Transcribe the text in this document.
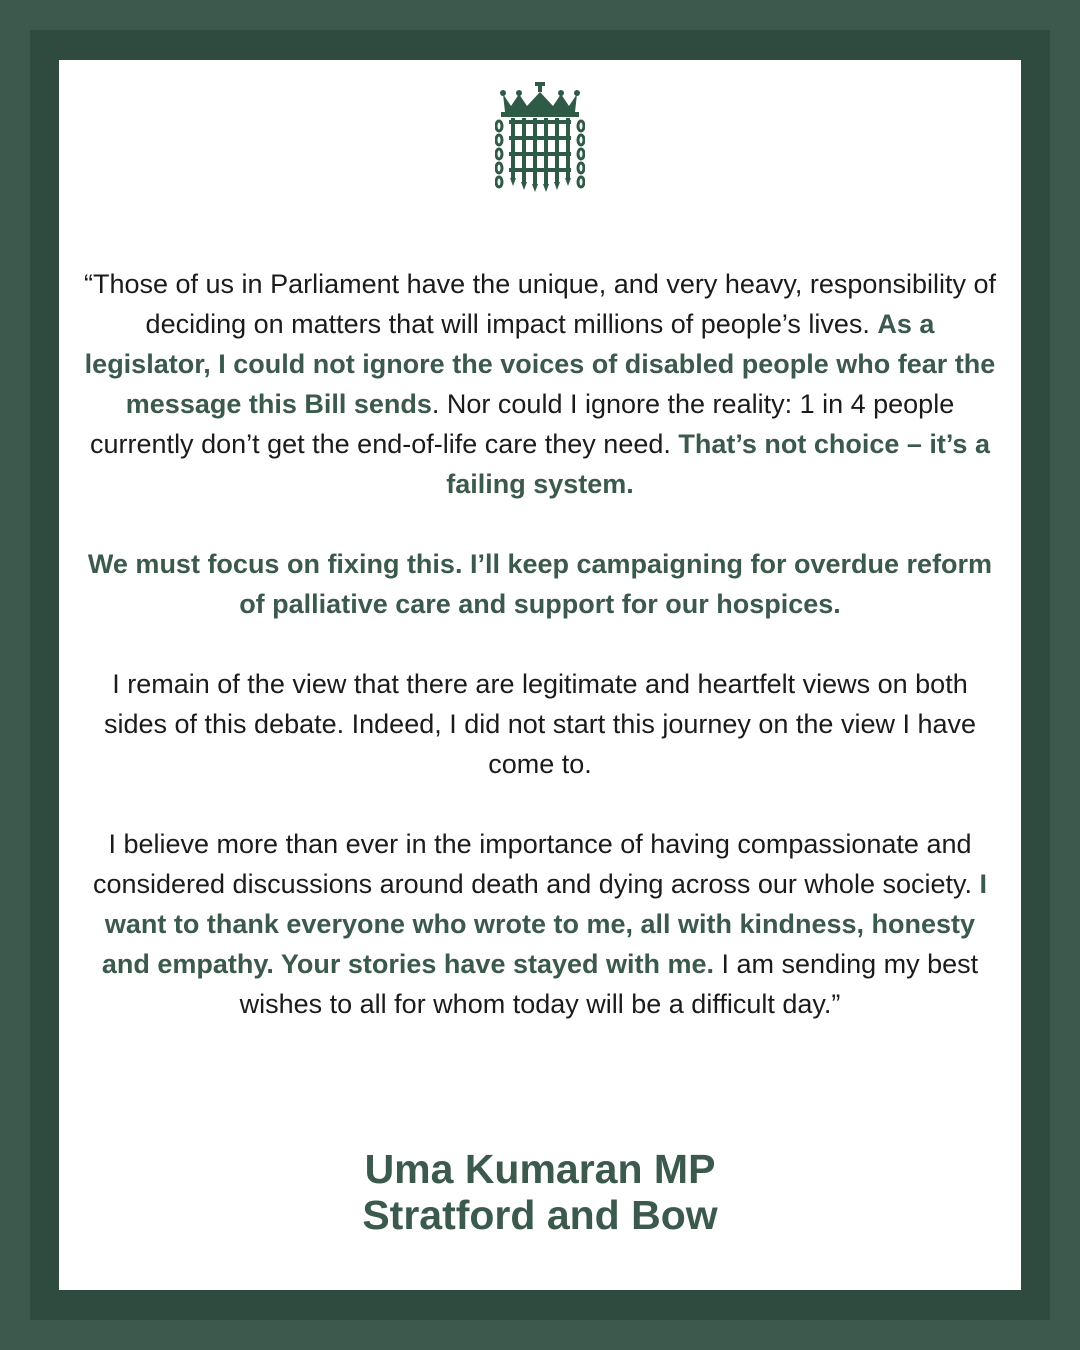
“Those of us in Parliament have the unique, and very heavy, responsibility of deciding on matters that will impact millions of people’s lives. As a legislator, I could not ignore the voices of disabled people who fear the message this Bill sends. Nor could I ignore the reality: 1 in 4 people currently don’t get the end-of-life care they need. That’s not choice – it’s a failing system.

We must focus on fixing this. I’ll keep campaigning for overdue reform of palliative care and support for our hospices.

I remain of the view that there are legitimate and heartfelt views on both sides of this debate. Indeed, I did not start this journey on the view I have come to.

I believe more than ever in the importance of having compassionate and considered discussions around death and dying across our whole society. I want to thank everyone who wrote to me, all with kindness, honesty and empathy. Your stories have stayed with me. I am sending my best wishes to all for whom today will be a difficult day.”

Uma Kumaran MP
Stratford and Bow
